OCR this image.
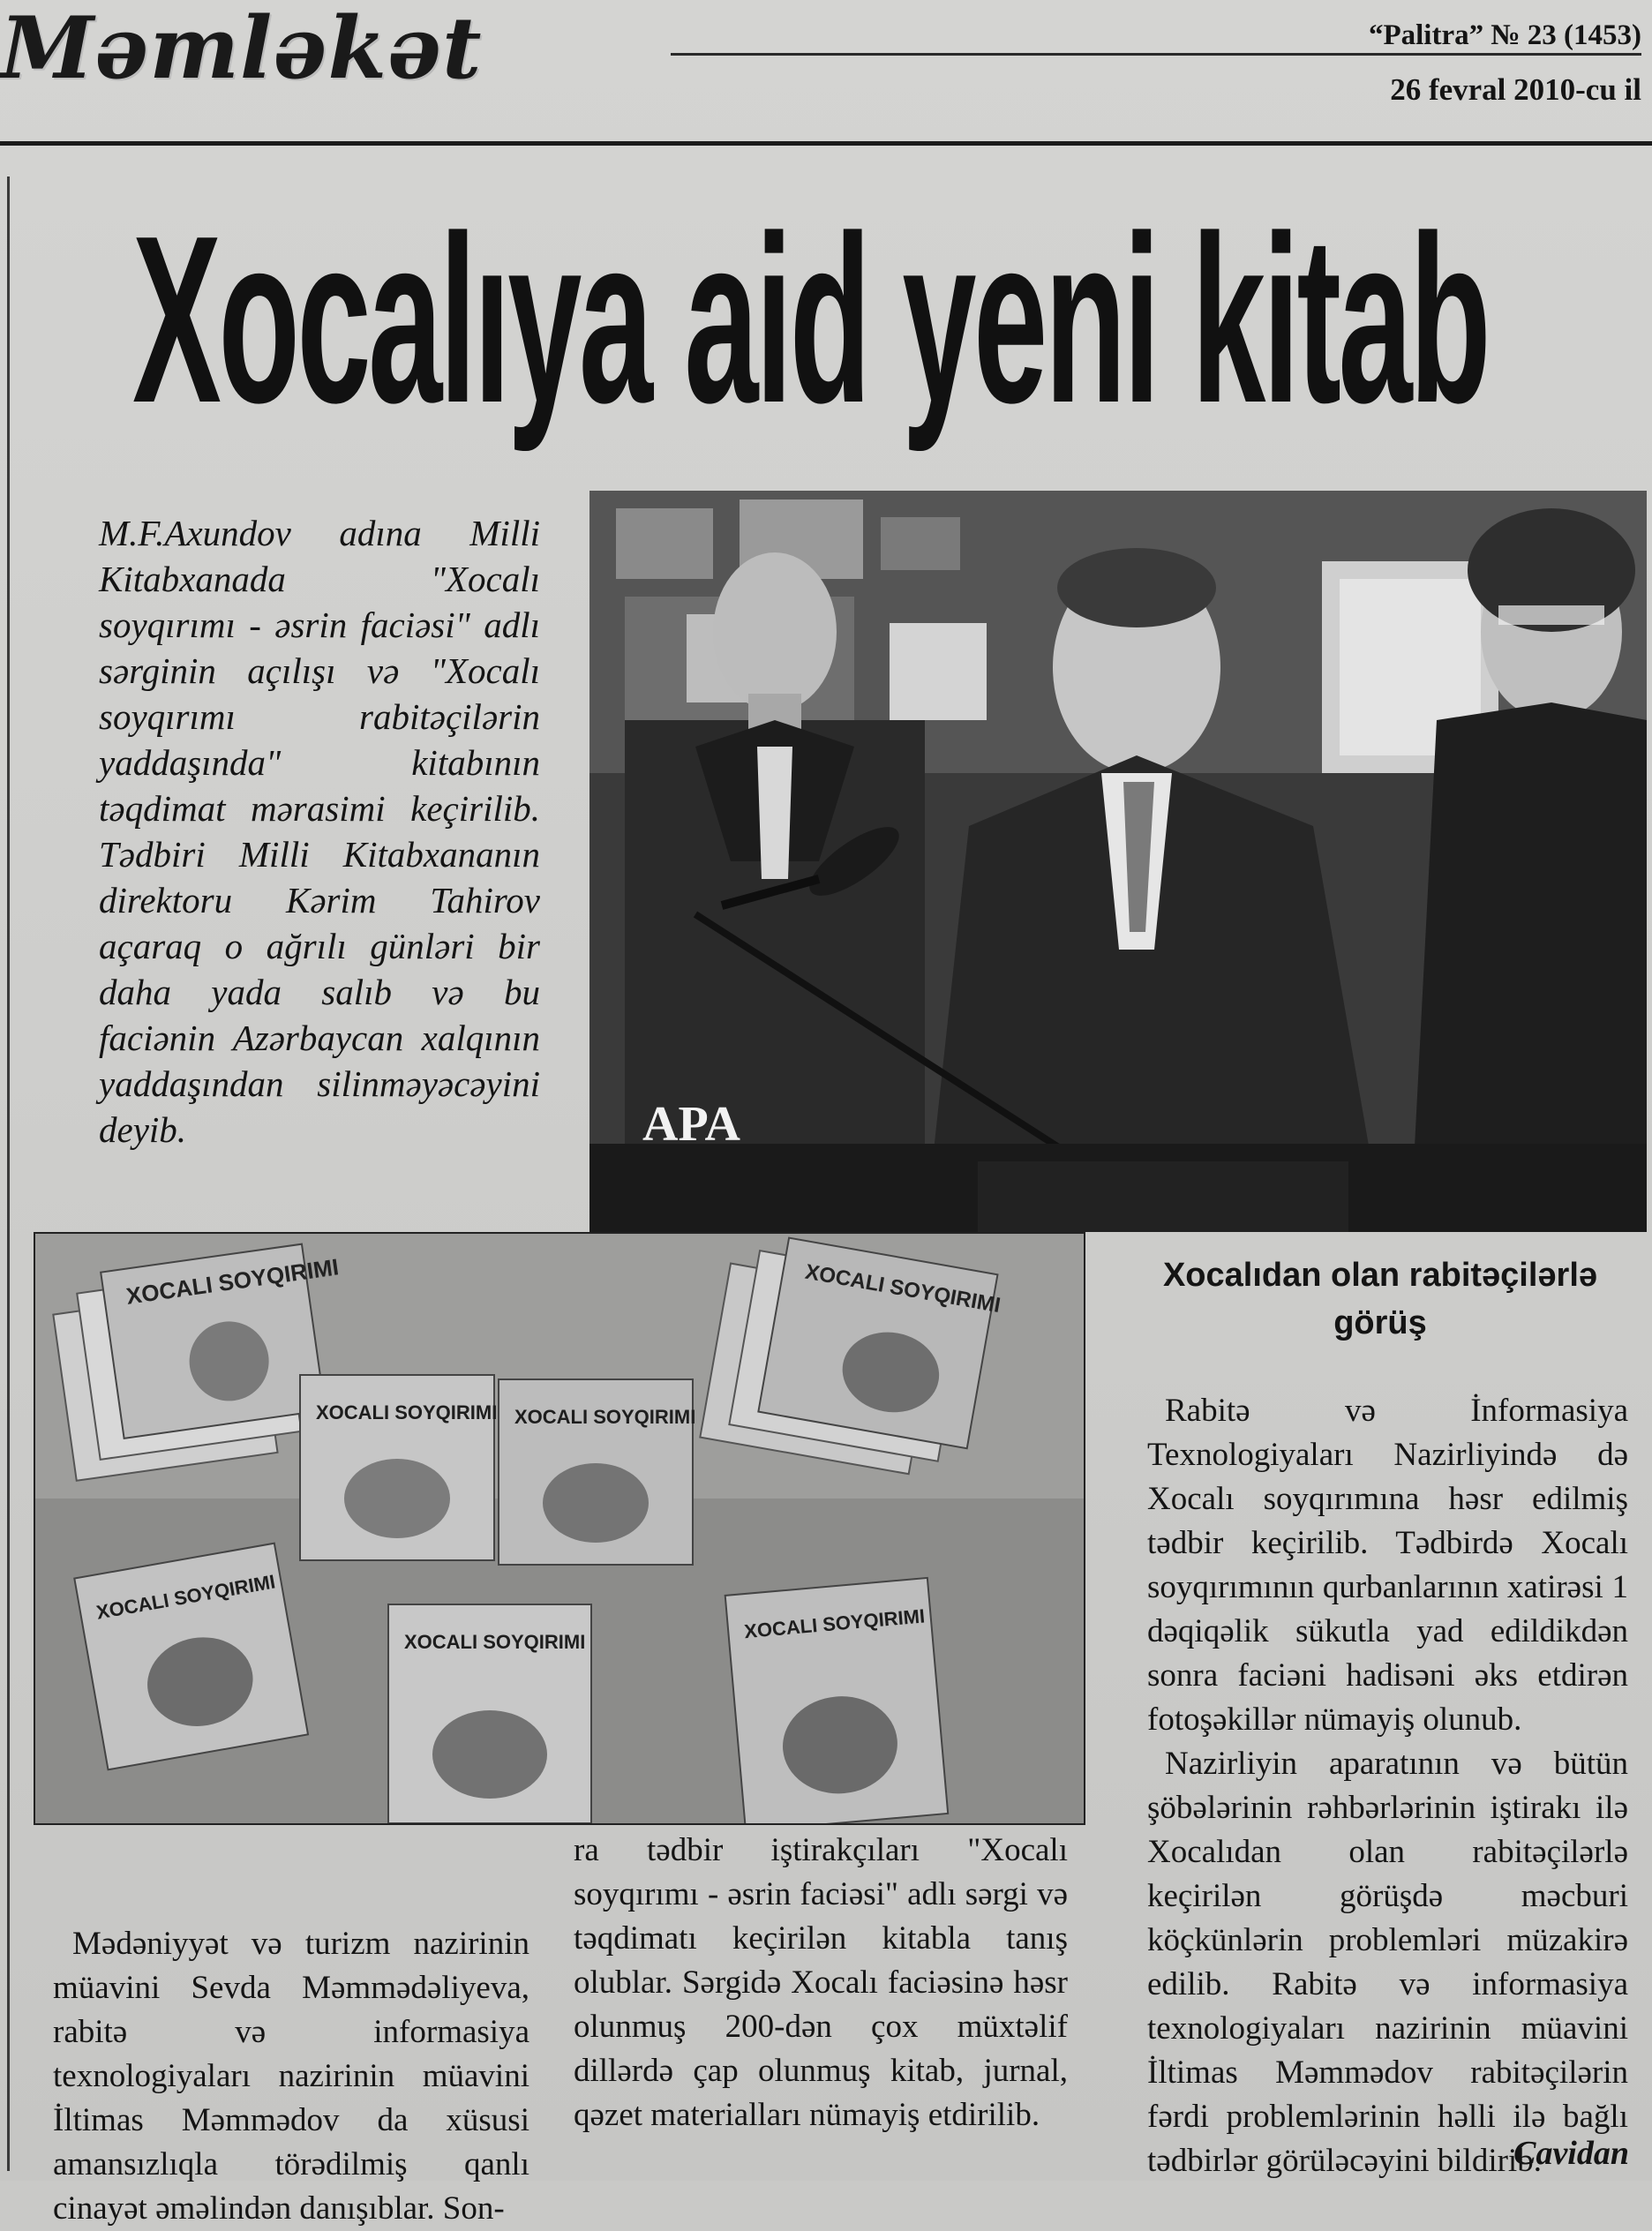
Məmləkət	“Palitra” № 23 (1453)
26 fevral 2010-cu il
Xocalıya aid yeni kitab
M.F.Axundov adına Milli Kitabxanada "Xocalı soyqırımı - əsrin faciəsi" adlı sərginin açılışı və "Xocalı soyqırımı rabitəçilərin yaddaşında" kitabının təqdimat mərasimi keçirilib. Tədbiri Milli Kitabxananın direktoru Kərim Tahirov açaraq o ağrılı günləri bir daha yada salıb və bu faciənin Azərbaycan xalqının yaddaşından silinməyəcəyini deyib.	APA
XOCALI SOYQIRIMI
XOCALI SOYQIRIMI XOCALI SOYQIRIMI
XOCALI SOYQIRIMI
XOCALI SOYQIRIMI
XOCALI SOYQIRIMI	XOCALI SOYQIRIMI
Xocalıdan olan rabitəçilərlə görüş

Rabitə və İnformasiya Texnologiyaları Nazirliyində də Xocalı soyqırımına həsr edilmiş tədbir keçirilib. Tədbirdə Xocalı soyqırımının qurbanlarının xatirəsi 1 dəqiqəlik sükutla yad edildikdən sonra faciəni hadisəni əks etdirən fotoşəkillər nümayiş olunub.

Nazirliyin aparatının və bütün şöbələrinin rəhbərlərinin iştirakı ilə Xocalıdan olan rabitəçilərlə keçirilən görüşdə məcburi köçkünlərin problemləri müzakirə edilib. Rabitə və informasiya texnologiyaları nazirinin müavini İltimas Məmmədov rabitəçilərin fərdi problemlərinin həlli ilə bağlı tədbirlər görüləcəyini bildirib.

Mədəniyyət və turizm nazirinin müavini Sevda Məmmədəliyeva, rabitə və informasiya texnologiyaları nazirinin müavini İltimas Məmmədov da xüsusi amansızlıqla törədilmiş qanlı cinayət əməlindən danışıblar. Son-
ra tədbir iştirakçıları "Xocalı soyqırımı - əsrin faciəsi" adlı sərgi və təqdimatı keçirilən kitabla tanış olublar. Sərgidə Xocalı faciəsinə həsr olunmuş 200-dən çox müxtəlif dillərdə çap olunmuş kitab, jurnal, qəzet materialları nümayiş etdirilib.
Cavidan
